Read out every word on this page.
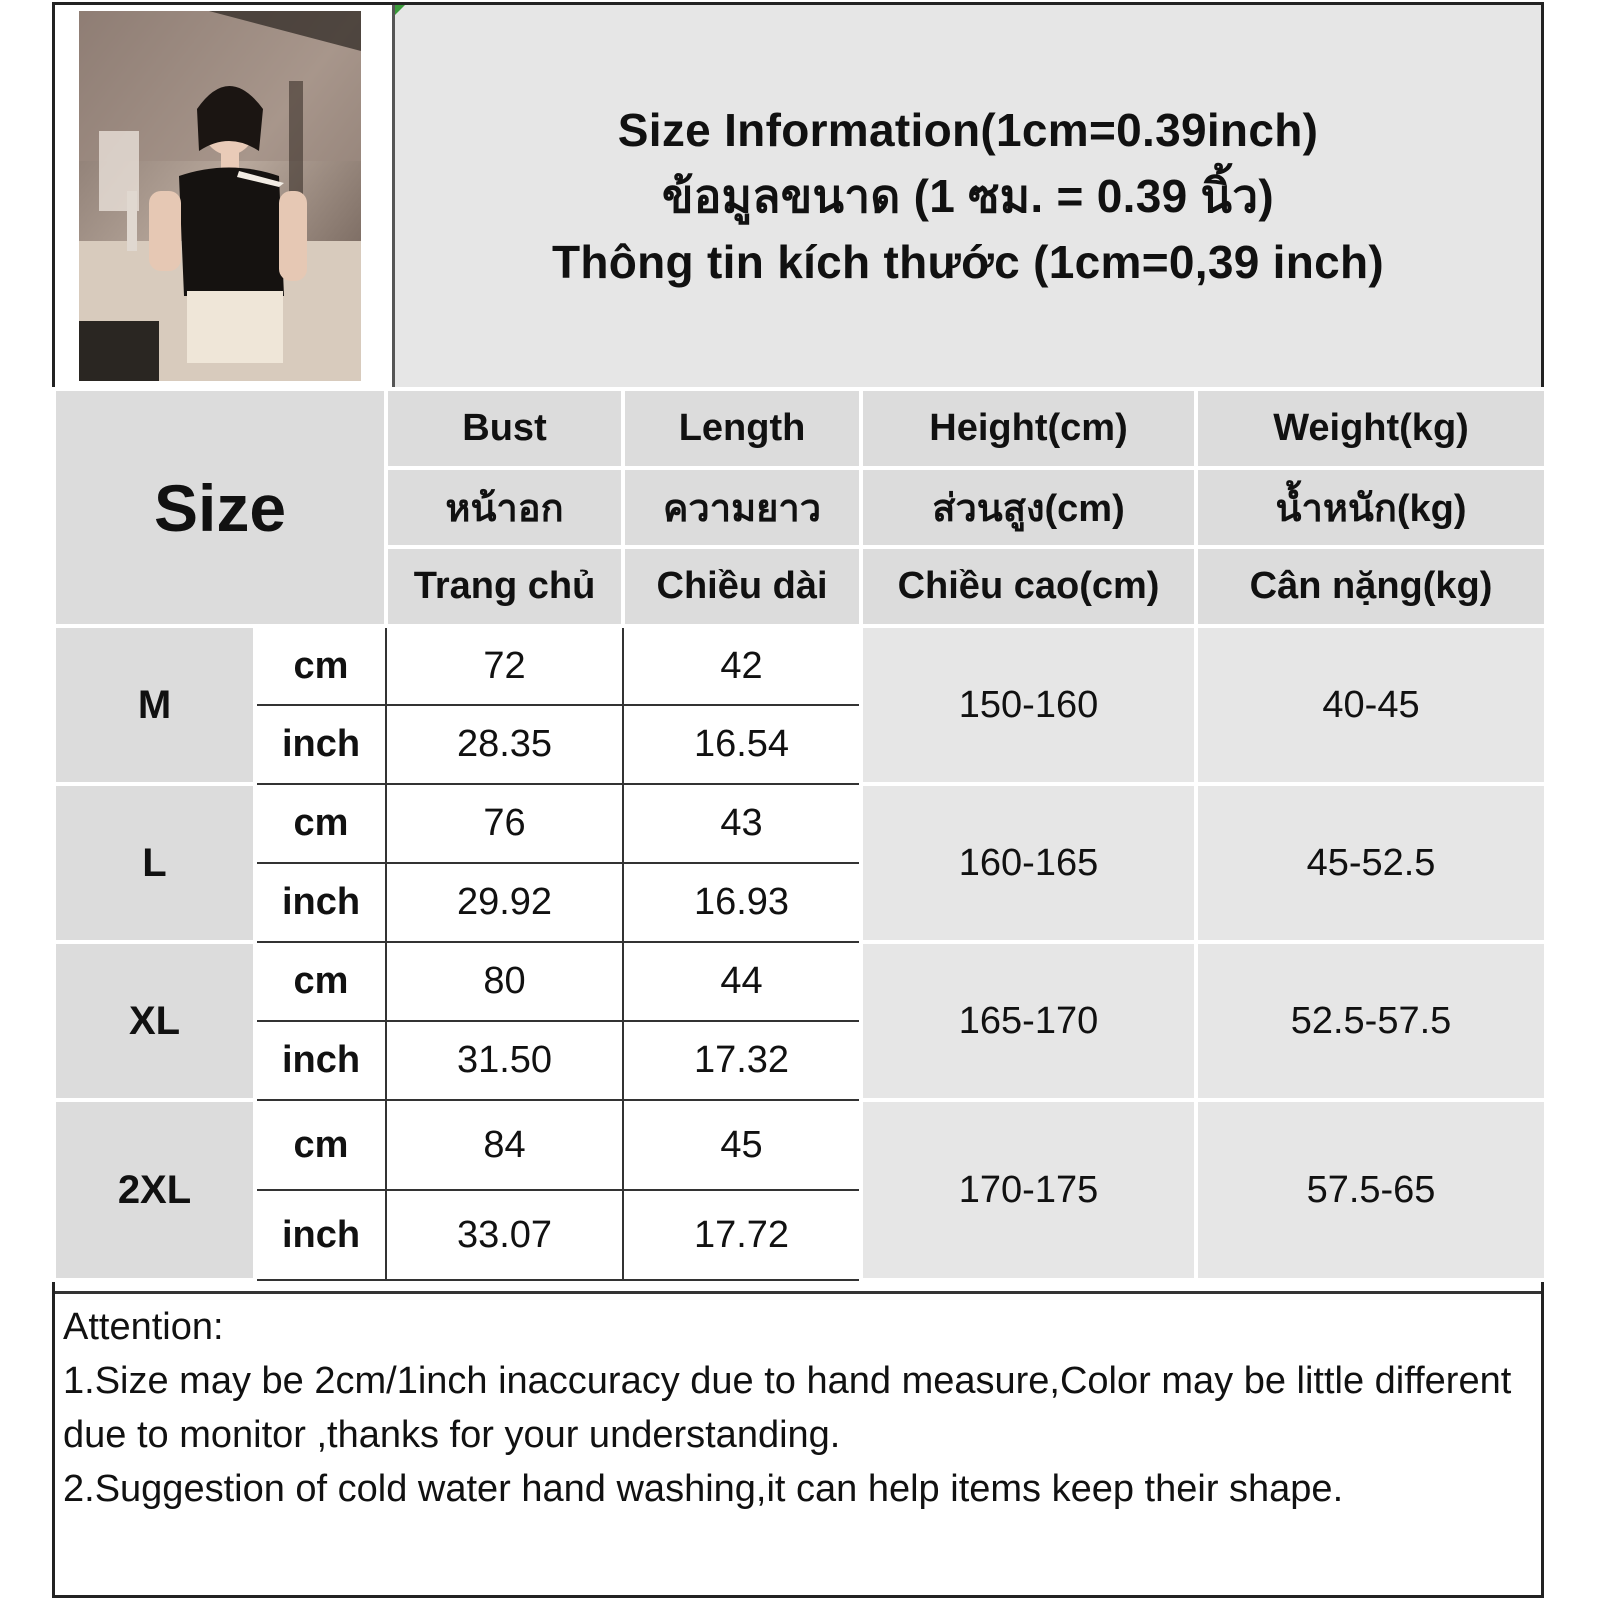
Size Information(1cm=0.39inch)
ข้อมูลขนาด (1 ซม. = 0.39 นิ้ว)
Thông tin kích thước (1cm=0,39 inch)
Size		Bust	Length	Height(cm)	Weight(kg)
		หน้าอก	ความยาว	ส่วนสูง(cm)	น้ำหนัก(kg)
		Trang chủ	Chiều dài	Chiều cao(cm)	Cân nặng(kg)
M	cm	72	42	150-160	40-45
	inch	28.35	16.54		
L	cm	76	43	160-165	45-52.5
	inch	29.92	16.93		
XL	cm	80	44	165-170	52.5-57.5
	inch	31.50	17.32		
2XL	cm	84	45	170-175	57.5-65
	inch	33.07	17.72		

Attention:

1.Size may be 2cm/1inch inaccuracy due to hand measure,Color may be little different due to monitor ,thanks for your understanding.

2.Suggestion of cold water hand washing,it can help items keep their shape.
